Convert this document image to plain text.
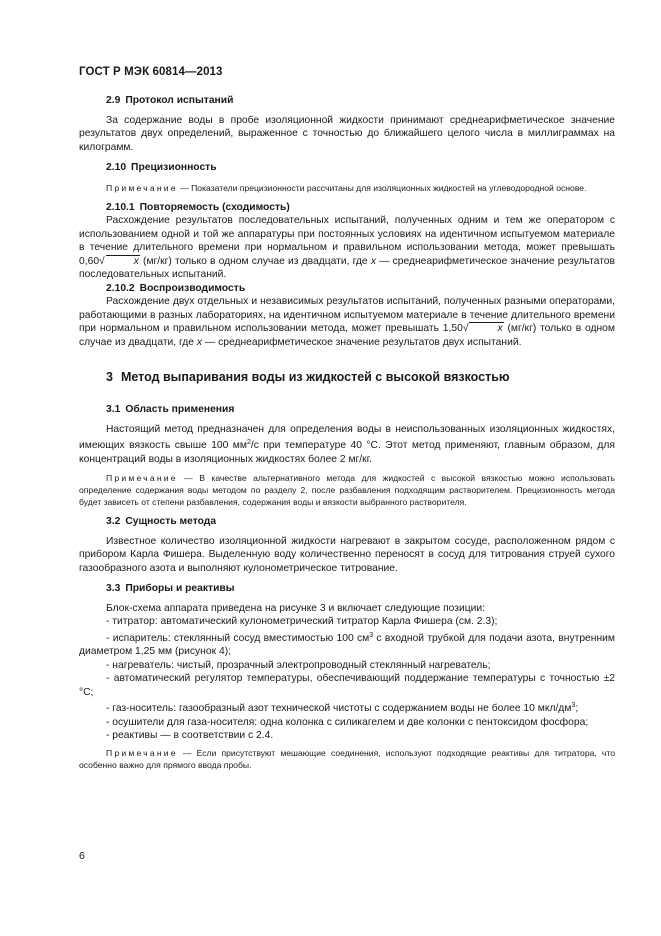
ГОСТ Р МЭК 60814—2013
2.9 Протокол испытаний

За содержание воды в пробе изоляционной жидкости принимают среднеарифметическое значение результатов двух определений, выраженное с точностью до ближайшего целого числа в миллиграммах на килограмм.

2.10 Прецизионность

Примечание — Показатели прецизионности рассчитаны для изоляционных жидкостей на углеводородной основе.

2.10.1 Повторяемость (сходимость)

Расхождение результатов последовательных испытаний, полученных одним и тем же оператором с использованием одной и той же аппаратуры при постоянных условиях на идентичном испытуемом материале в течение длительного времени при нормальном и правильном использовании метода, может превышать 0,60√	x (мг/кг) только в одном случае из двадцати, где x — среднеарифметическое значение результатов последовательных испытаний.

2.10.2 Воспроизводимость

Расхождение двух отдельных и независимых результатов испытаний, полученных разными операторами, работающими в разных лабораториях, на идентичном испытуемом материале в течение длительного времени при нормальном и правильном использовании метода, может превышать 1,50√	x (мг/кг) только в одном случае из двадцати, где x — среднеарифметическое значение результатов двух испытаний.

3 Метод выпаривания воды из жидкостей с высокой вязкостью
3.1 Область применения

Настоящий метод предназначен для определения воды в неиспользованных изоляционных жидкостях, имеющих вязкость свыше 100 $мм^2/с$ при температуре 40 °С. Этот метод применяют, главным образом, для концентраций воды в изоляционных жидкостях более 2 мг/кг.

Примечание — В качестве альтернативного метода для жидкостей с высокой вязкостью можно использовать определение содержания воды методом по разделу 2, после разбавления подходящим растворителем. Прецизионность метода будет зависеть от степени разбавления, содержания воды и вязкости выбранного растворителя.

3.2 Сущность метода

Известное количество изоляционной жидкости нагревают в закрытом сосуде, расположенном рядом с прибором Карла Фишера. Выделенную воду количественно переносят в сосуд для титрования струей сухого газообразного азота и выполняют кулонометрическое титрование.

3.3 Приборы и реактивы

Блок-схема аппарата приведена на рисунке 3 и включает следующие позиции:

- титратор: автоматический кулонометрический титратор Карла Фишера (см. 2.3);
- испаритель: стеклянный сосуд вместимостью 100 $см^3$ с входной трубкой для подачи азота, внутренним диаметром 1,25 мм (рисунок 4);
- нагреватель: чистый, прозрачный электропроводный стеклянный нагреватель;
- автоматический регулятор температуры, обеспечивающий поддержание температуры с точностью ±2 °С;
- газ-носитель: газообразный азот технической чистоты с содержанием воды не более 10 мкл/$дм^3$;
- осушители для газа-носителя: одна колонка с силикагелем и две колонки с пентоксидом фосфора;
- реактивы — в соответствии с 2.4.

Примечание — Если присутствуют мешающие соединения, используют подходящие реактивы для титратора, что особенно важно для прямого ввода пробы.

6
